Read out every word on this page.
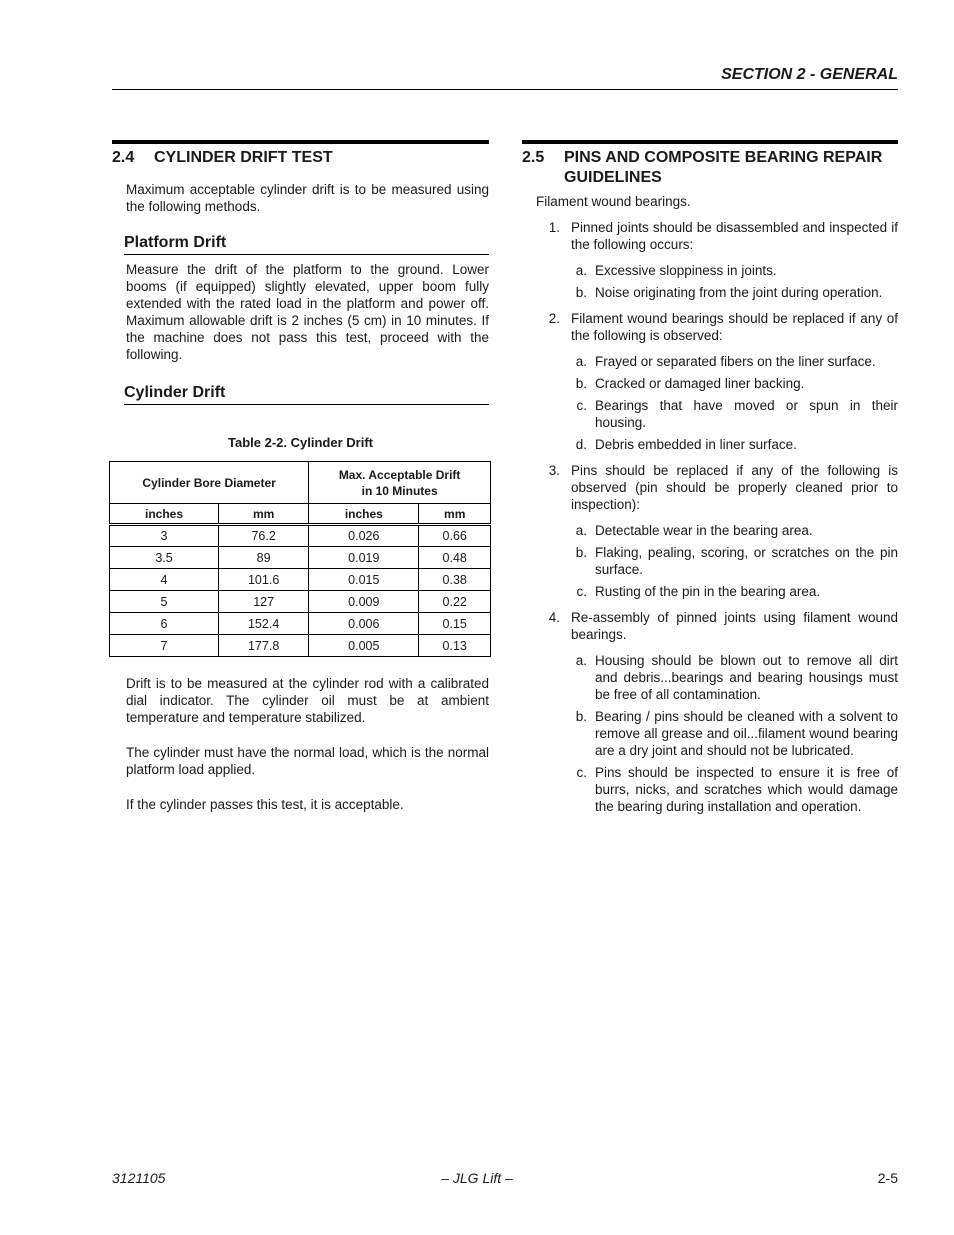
SECTION 2 - GENERAL
2.4	CYLINDER DRIFT TEST

Maximum acceptable cylinder drift is to be measured using the following methods.

Platform Drift

Measure the drift of the platform to the ground. Lower booms (if equipped) slightly elevated, upper boom fully extended with the rated load in the platform and power off. Maximum allowable drift is 2 inches (5 cm) in 10 minutes. If the machine does not pass this test, proceed with the following.

Cylinder Drift
Table 2-2. Cylinder Drift
Cylinder Bore Diameter		Max. Acceptable Drift
in 10 Minutes	
inches	mm	inches	mm
3	76.2	0.026	0.66
3.5	89	0.019	0.48
4	101.6	0.015	0.38
5	127	0.009	0.22
6	152.4	0.006	0.15
7	177.8	0.005	0.13

Drift is to be measured at the cylinder rod with a calibrated dial indicator. The cylinder oil must be at ambient temperature and temperature stabilized.

The cylinder must have the normal load, which is the normal platform load applied.

If the cylinder passes this test, it is acceptable.

2.5	PINS AND COMPOSITE BEARING REPAIR GUIDELINES

Filament wound bearings.

1. Pinned joints should be disassembled and inspected if the following occurs:
a. Excessive sloppiness in joints.
b. Noise originating from the joint during operation.
2. Filament wound bearings should be replaced if any of the following is observed:
a. Frayed or separated fibers on the liner surface.
b. Cracked or damaged liner backing.
c. Bearings that have moved or spun in their housing.
d. Debris embedded in liner surface.
3. Pins should be replaced if any of the following is observed (pin should be properly cleaned prior to inspection):
a. Detectable wear in the bearing area.
b. Flaking, pealing, scoring, or scratches on the pin surface.
c. Rusting of the pin in the bearing area.
4. Re-assembly of pinned joints using filament wound bearings.
a. Housing should be blown out to remove all dirt and debris...bearings and bearing housings must be free of all contamination.
b. Bearing / pins should be cleaned with a solvent to remove all grease and oil...filament wound bearing are a dry joint and should not be lubricated.
c. Pins should be inspected to ensure it is free of burrs, nicks, and scratches which would damage the bearing during installation and operation.
3121105	– JLG Lift –	2-5
